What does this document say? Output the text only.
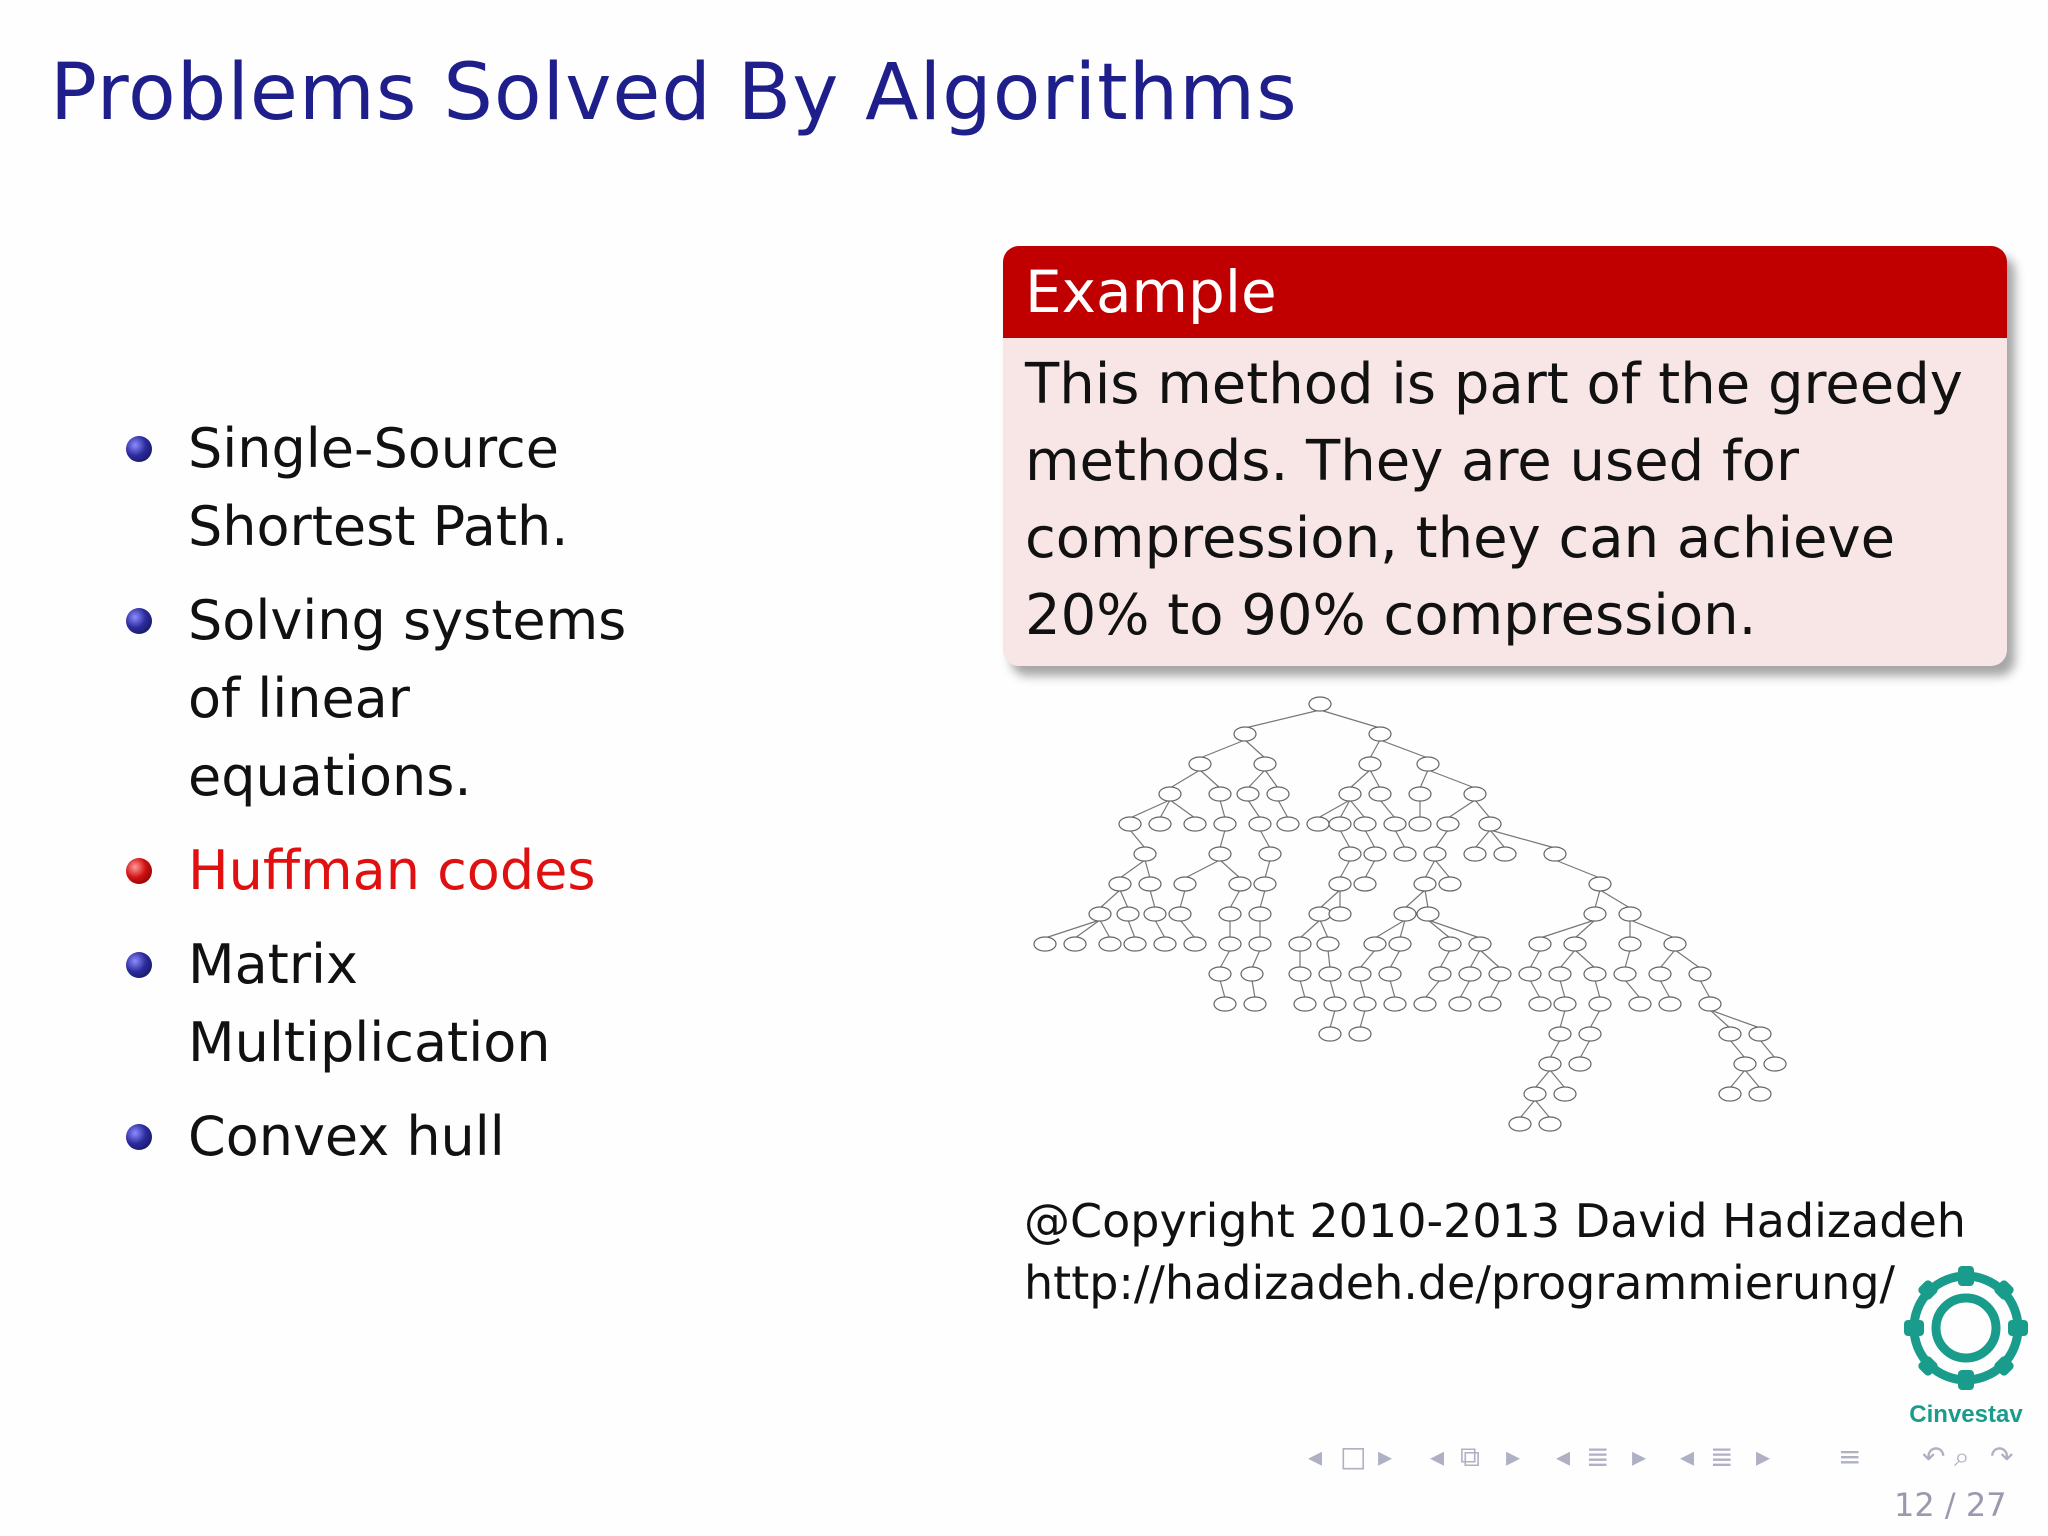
Problems Solved By Algorithms
Single-Source Shortest Path.
Solving systems of linear equations.
Huffman codes
Matrix Multiplication
Convex hull
Example
This method is part of the greedy methods. They are used for compression, they can achieve 20% to 90% compression.
@Copyright 2010-2013 David Hadizadeh
http://hadizadeh.de/programmierung/
Cinvestav
◂ □ ▸ ◂ ⧉ ▸ ◂ ≣ ▸ ◂ ≣ ▸ ≡ ↶ ⌕ ↷
12 / 27
